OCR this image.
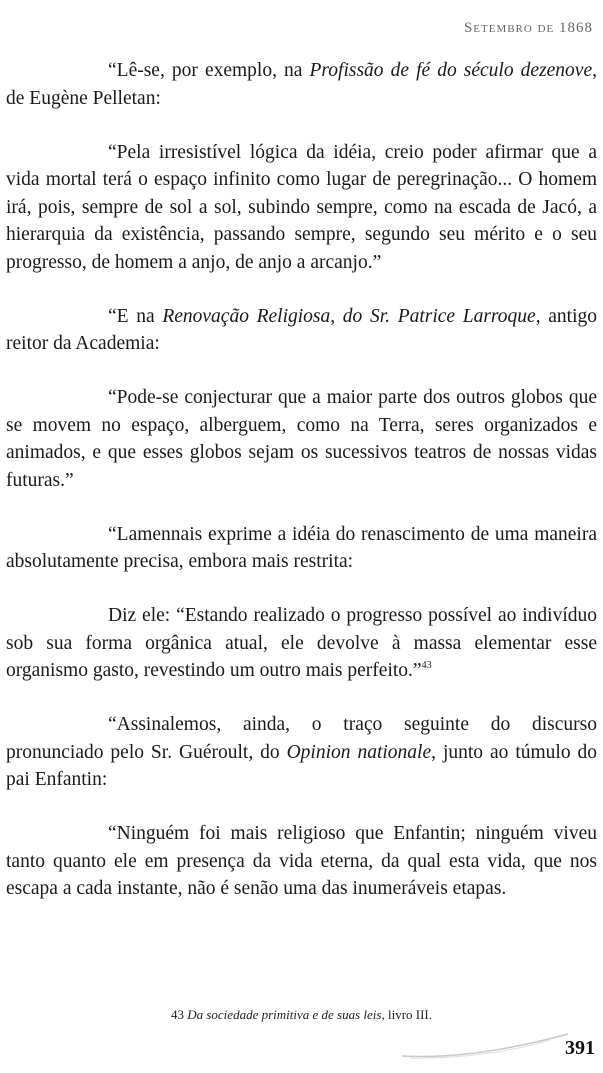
Setembro de 1868

“Lê-se, por exemplo, na Profissão de fé do século dezenove, de Eugène Pelletan:

“Pela irresistível lógica da idéia, creio poder afirmar que a vida mortal terá o espaço infinito como lugar de peregrinação... O homem irá, pois, sempre de sol a sol, subindo sempre, como na escada de Jacó, a hierarquia da existência, passando sempre, segundo seu mérito e o seu progresso, de homem a anjo, de anjo a arcanjo.”

“E na Renovação Religiosa, do Sr. Patrice Larroque, antigo reitor da Academia:

“Pode-se conjecturar que a maior parte dos outros globos que se movem no espaço, alberguem, como na Terra, seres organizados e animados, e que esses globos sejam os sucessivos teatros de nossas vidas futuras.”

“Lamennais exprime a idéia do renascimento de uma maneira absolutamente precisa, embora mais restrita:

Diz ele: “Estando realizado o progresso possível ao indivíduo sob sua forma orgânica atual, ele devolve à massa elementar esse organismo gasto, revestindo um outro mais perfeito.”$^{43}$

“Assinalemos, ainda, o traço seguinte do discurso pronunciado pelo Sr. Guéroult, do Opinion nationale, junto ao túmulo do pai Enfantin:

“Ninguém foi mais religioso que Enfantin; ninguém viveu tanto quanto ele em presença da vida eterna, da qual esta vida, que nos escapa a cada instante, não é senão uma das inumeráveis etapas.

43 Da sociedade primitiva e de suas leis, livro III.
391
